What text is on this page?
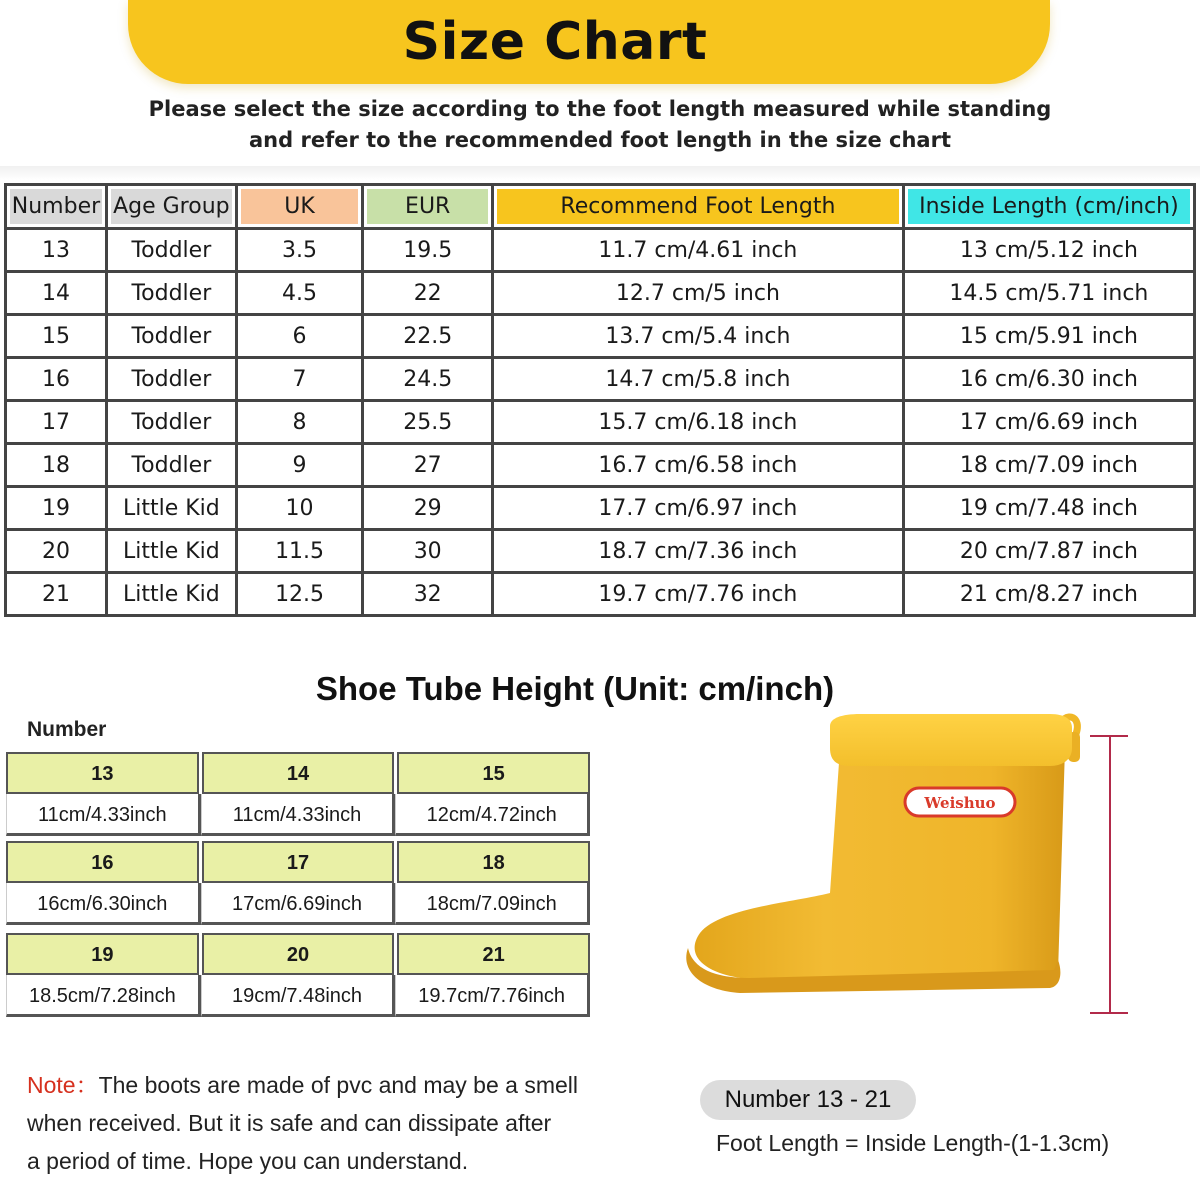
Size Chart
Please select the size according to the foot length measured while standing
and refer to the recommended foot length in the size chart
Number	Age Group	UK	EUR	Recommend Foot Length	Inside Length (cm/inch)

13	Toddler	3.5	19.5	11.7 cm/4.61 inch	13 cm/5.12 inch
14	Toddler	4.5	22	12.7 cm/5 inch	14.5 cm/5.71 inch
15	Toddler	6	22.5	13.7 cm/5.4 inch	15 cm/5.91 inch
16	Toddler	7	24.5	14.7 cm/5.8 inch	16 cm/6.30 inch
17	Toddler	8	25.5	15.7 cm/6.18 inch	17 cm/6.69 inch
18	Toddler	9	27	16.7 cm/6.58 inch	18 cm/7.09 inch
19	Little Kid	10	29	17.7 cm/6.97 inch	19 cm/7.48 inch
20	Little Kid	11.5	30	18.7 cm/7.36 inch	20 cm/7.87 inch
21	Little Kid	12.5	32	19.7 cm/7.76 inch	21 cm/8.27 inch
Shoe Tube Height (Unit: cm/inch)
Number
13	14	15
11cm/4.33inch	11cm/4.33inch	12cm/4.72inch
16	17	18
16cm/6.30inch	17cm/6.69inch	18cm/7.09inch
19	20	21
18.5cm/7.28inch	19cm/7.48inch	19.7cm/7.76inch
Weishuo
Note：The boots are made of pvc and may be a smell
when received. But it is safe and can dissipate after
a period of time. Hope you can understand.
Number 13 - 21
Foot Length = Inside Length-(1-1.3cm)
